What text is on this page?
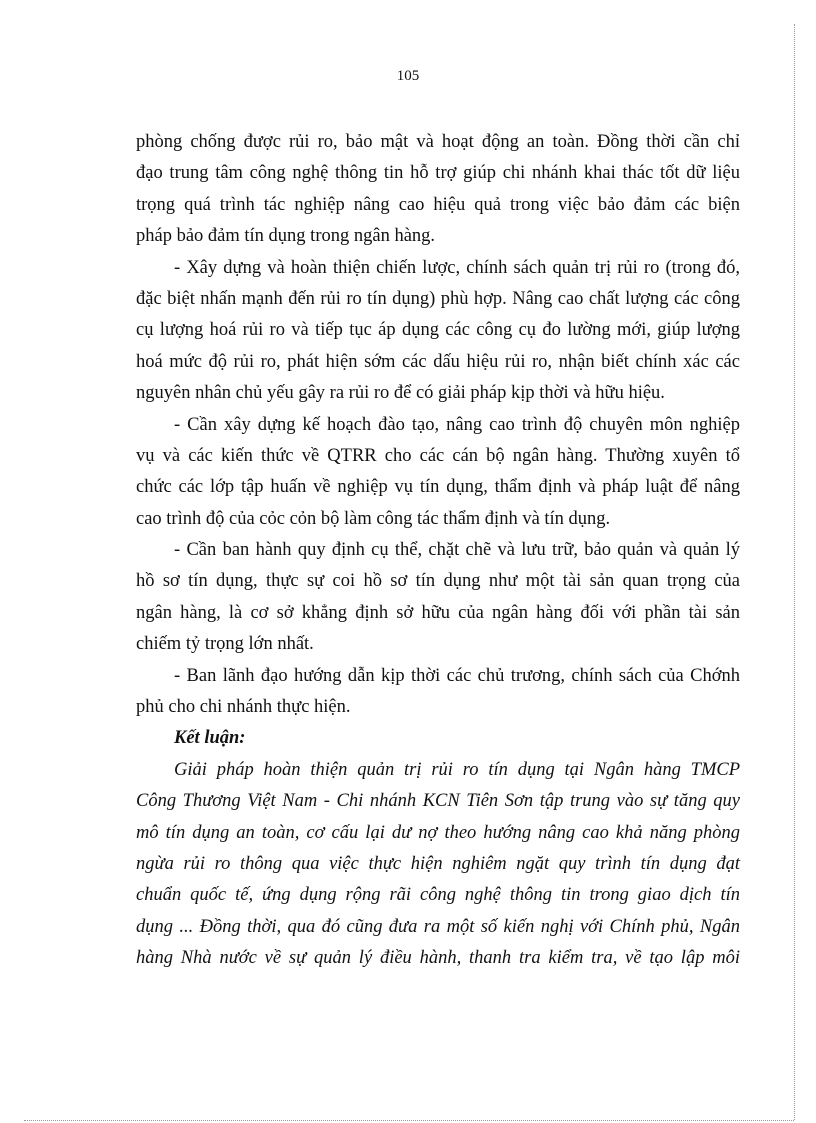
105
phòng chống được rủi ro, bảo mật và hoạt động an toàn. Đồng thời cần chỉ
đạo trung tâm công nghệ thông tin hỗ trợ giúp chi nhánh khai thác tốt dữ liệu
trọng quá trình tác nghiệp nâng cao hiệu quả trong việc bảo đảm các biện
pháp bảo đảm tín dụng trong ngân hàng.
- Xây dựng và hoàn thiện chiến lược, chính sách quản trị rủi ro (trong đó,
đặc biệt nhấn mạnh đến rủi ro tín dụng) phù hợp. Nâng cao chất lượng các công
cụ lượng hoá rủi ro và tiếp tục áp dụng các công cụ đo lường mới, giúp lượng
hoá mức độ rủi ro, phát hiện sớm các dấu hiệu rủi ro, nhận biết chính xác các
nguyên nhân chủ yếu gây ra rủi ro để có giải pháp kịp thời và hữu hiệu.
- Cần xây dựng kế hoạch đào tạo, nâng cao trình độ chuyên môn nghiệp
vụ và các kiến thức về QTRR cho các cán bộ ngân hàng. Thường xuyên tổ
chức các lớp tập huấn về nghiệp vụ tín dụng, thẩm định và pháp luật để nâng
cao trình độ của cỏc cỏn bộ làm công tác thẩm định và tín dụng.
- Cần ban hành quy định cụ thể, chặt chẽ và lưu trữ, bảo quản và quản lý
hồ sơ tín dụng, thực sự coi hồ sơ tín dụng như một tài sản quan trọng của
ngân hàng, là cơ sở khẳng định sở hữu của ngân hàng đối với phần tài sản
chiếm tỷ trọng lớn nhất.
- Ban lãnh đạo hướng dẫn kịp thời các chủ trương, chính sách của Chớnh
phủ cho chi nhánh thực hiện.
Kết luận:
Giải pháp hoàn thiện quản trị rủi ro tín dụng tại Ngân hàng TMCP
Công Thương Việt Nam - Chi nhánh KCN Tiên Sơn tập trung vào sự tăng quy
mô tín dụng an toàn, cơ cấu lại dư nợ theo hướng nâng cao khả năng phòng
ngừa rủi ro thông qua việc thực hiện nghiêm ngặt quy trình tín dụng đạt
chuẩn quốc tế, ứng dụng rộng rãi công nghệ thông tin trong giao dịch tín
dụng ... Đồng thời, qua đó cũng đưa ra một số kiến nghị với Chính phủ, Ngân
hàng Nhà nước về sự quản lý điều hành, thanh tra kiểm tra, về tạo lập môi
